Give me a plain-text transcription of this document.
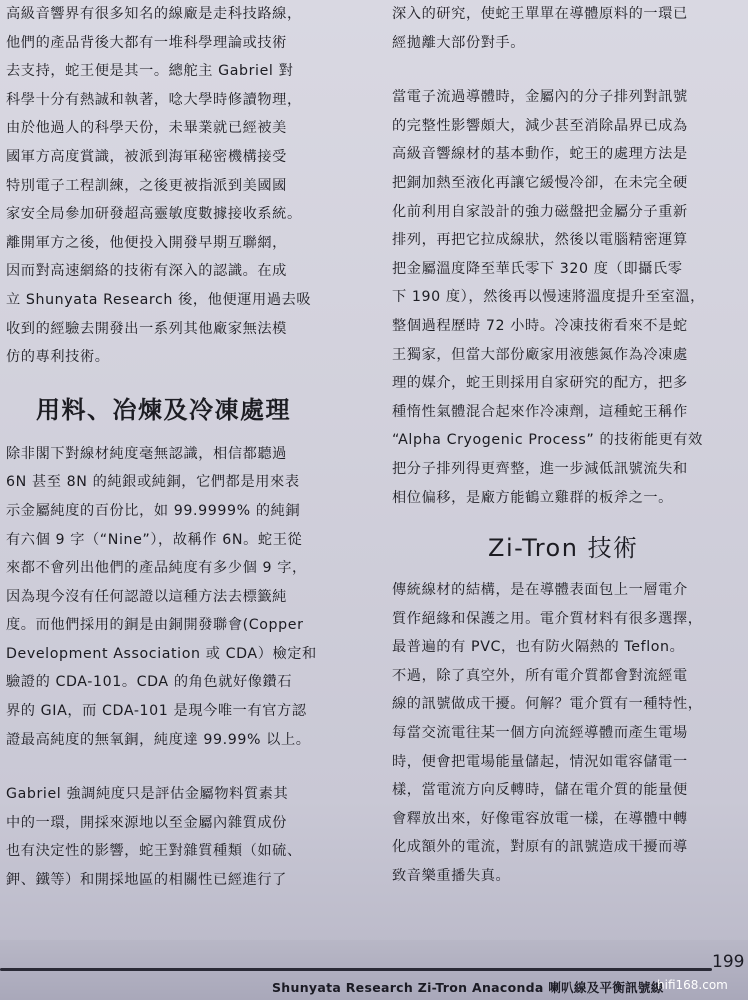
高級音響界有很多知名的線廠是走科技路線，
他們的產品背後大都有一堆科學理論或技術
去支持，蛇王便是其一。總舵主 Gabriel 對
科學十分有熱誠和執著，唸大學時修讀物理，
由於他過人的科學天份，未畢業就已經被美
國軍方高度賞識，被派到海軍秘密機構接受
特別電子工程訓練，之後更被指派到美國國
家安全局參加研發超高靈敏度數據接收系統。
離開軍方之後，他便投入開發早期互聯網，
因而對高速網絡的技術有深入的認識。在成
立 Shunyata Research 後，他便運用過去吸
收到的經驗去開發出一系列其他廠家無法模
仿的專利技術。
用料、冶煉及冷凍處理
除非閣下對線材純度毫無認識，相信都聽過
6N 甚至 8N 的純銀或純銅，它們都是用來表
示金屬純度的百份比，如 99.9999% 的純銅
有六個 9 字（“Nine”），故稱作 6N。蛇王從
來都不會列出他們的產品純度有多少個 9 字，
因為現今沒有任何認證以這種方法去標籤純
度。而他們採用的銅是由銅開發聯會(Copper
Development Association 或 CDA）檢定和
驗證的 CDA-101。CDA 的角色就好像鑽石
界的 GIA，而 CDA-101 是現今唯一有官方認
證最高純度的無氧銅，純度達 99.99% 以上。
Gabriel 強調純度只是評估金屬物料質素其
中的一環，開採來源地以至金屬內雜質成份
也有決定性的影響，蛇王對雜質種類（如硫、
鉀、鐵等）和開採地區的相關性已經進行了
深入的研究，使蛇王單單在導體原料的一環已
經拋離大部份對手。
當電子流過導體時，金屬內的分子排列對訊號
的完整性影響頗大，減少甚至消除晶界已成為
高級音響線材的基本動作，蛇王的處理方法是
把銅加熱至液化再讓它緩慢冷卻，在未完全硬
化前利用自家設計的強力磁盤把金屬分子重新
排列，再把它拉成線狀，然後以電腦精密運算
把金屬溫度降至華氏零下 320 度（即攝氏零
下 190 度），然後再以慢速將溫度提升至室溫，
整個過程歷時 72 小時。冷凍技術看來不是蛇
王獨家，但當大部份廠家用液態氮作為冷凍處
理的媒介，蛇王則採用自家研究的配方，把多
種惰性氣體混合起來作冷凍劑，這種蛇王稱作
“Alpha Cryogenic Process” 的技術能更有效
把分子排列得更齊整，進一步減低訊號流失和
相位偏移，是廠方能鶴立雞群的板斧之一。
Zi-Tron 技術
傳統線材的結構，是在導體表面包上一層電介
質作絕緣和保護之用。電介質材料有很多選擇，
最普遍的有 PVC，也有防火隔熱的 Teflon。
不過，除了真空外，所有電介質都會對流經電
線的訊號做成干擾。何解？電介質有一種特性，
每當交流電往某一個方向流經導體而產生電場
時，便會把電場能量儲起，情況如電容儲電一
樣，當電流方向反轉時，儲在電介質的能量便
會釋放出來，好像電容放電一樣，在導體中轉
化成額外的電流，對原有的訊號造成干擾而導
致音樂重播失真。
Shunyata Research Zi-Tron Anaconda 喇叭線及平衡訊號線
199
hifi168.com
